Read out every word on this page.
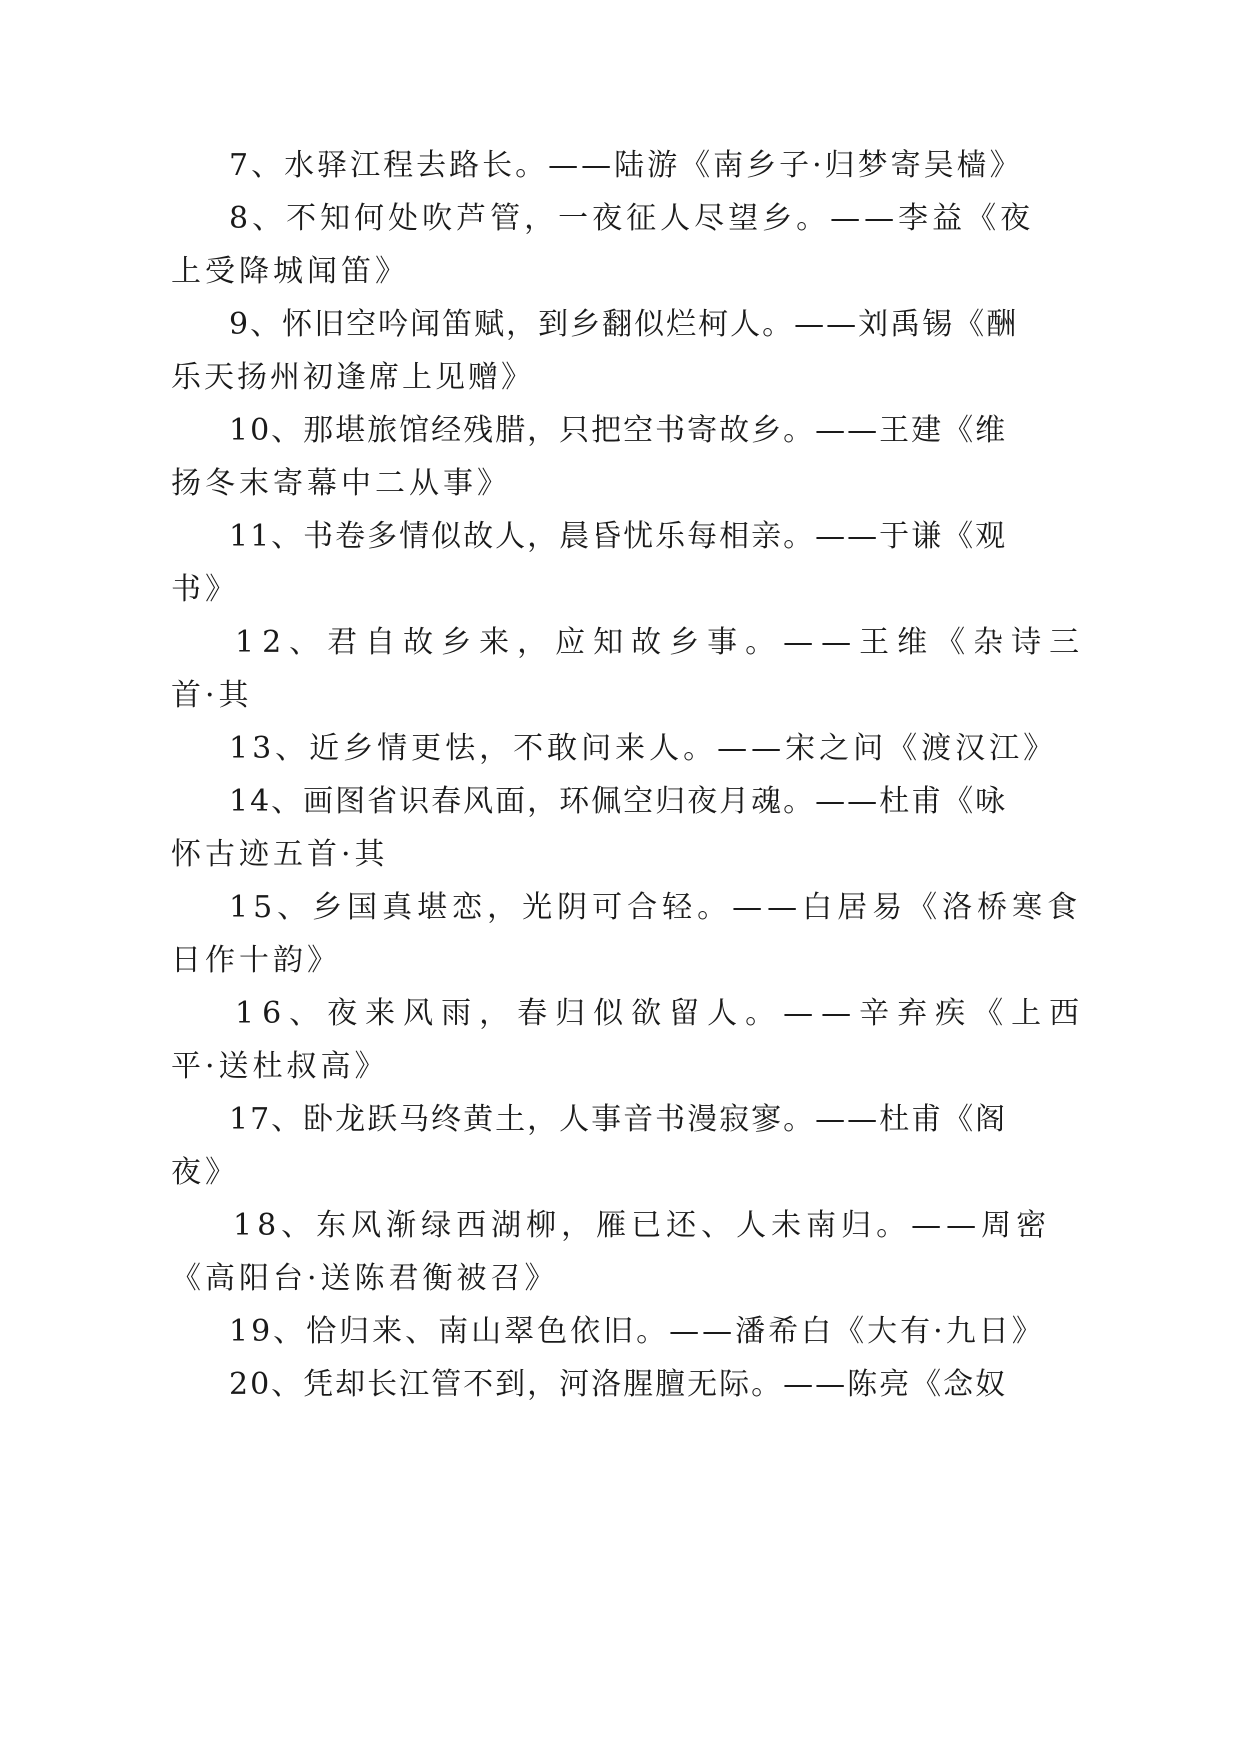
7、水驿江程去路长。——陆游《南乡子·归梦寄吴樯》
8、不知何处吹芦管，一夜征人尽望乡。——李益《夜
上受降城闻笛》
9、怀旧空吟闻笛赋，到乡翻似烂柯人。——刘禹锡《酬
乐天扬州初逢席上见赠》
10、那堪旅馆经残腊，只把空书寄故乡。——王建《维
扬冬末寄幕中二从事》
11、书卷多情似故人，晨昏忧乐每相亲。——于谦《观
书》
12、君自故乡来，应知故乡事。——王维《杂诗三
首·其
13、近乡情更怯，不敢问来人。——宋之问《渡汉江》
14、画图省识春风面，环佩空归夜月魂。——杜甫《咏
怀古迹五首·其
15、乡国真堪恋，光阴可合轻。——白居易《洛桥寒食
日作十韵》
16、夜来风雨，春归似欲留人。——辛弃疾《上西
平·送杜叔高》
17、卧龙跃马终黄土，人事音书漫寂寥。——杜甫《阁
夜》
18、东风渐绿西湖柳，雁已还、人未南归。——周密
《高阳台·送陈君衡被召》
19、恰归来、南山翠色依旧。——潘希白《大有·九日》
20、凭却长江管不到，河洛腥膻无际。——陈亮《念奴
